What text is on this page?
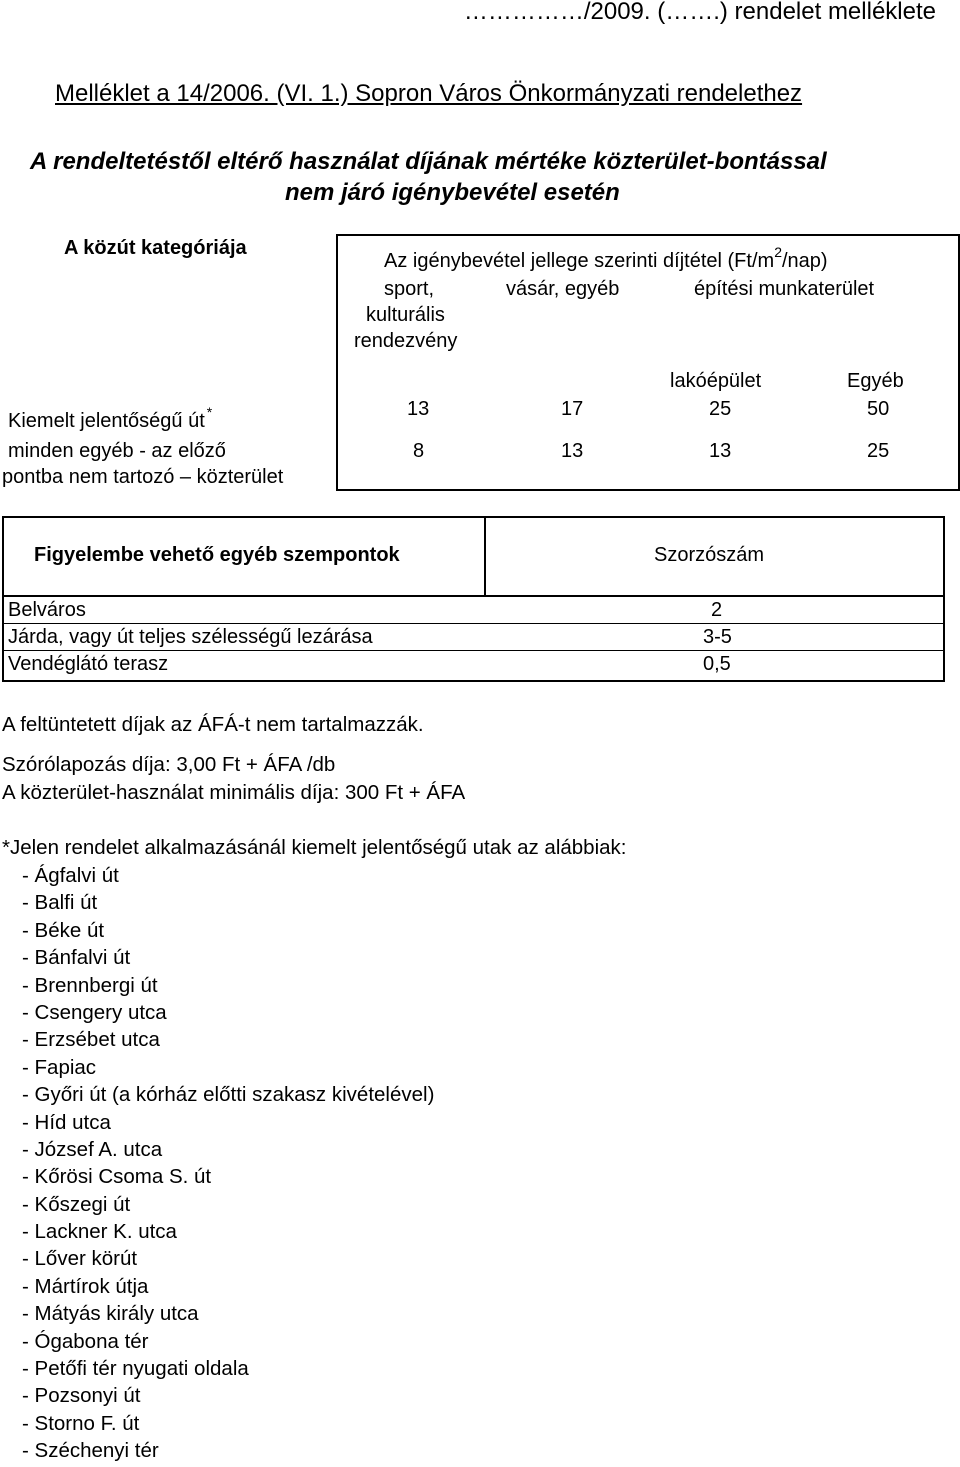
……………/2009. (…….) rendelet melléklete
Melléklet a 14/2006. (VI. 1.) Sopron Város Önkormányzati rendelethez
A rendeltetéstől eltérő használat díjának mértéke közterület-bontással
nem járó igénybevétel esetén
A közút kategóriája
Az igénybevétel jellege szerinti díjtétel $(Ft/m^2/nap)$
sport,
kulturális
rendezvény
vásár, egyéb	építési munkaterület
lakóépület	Egyéb
Kiemelt jelentőségű út *	13	17	25	50
minden egyéb - az előző
pontba nem tartozó – közterület
8	13	13	25
Figyelembe vehető egyéb szempontok	Szorzószám
Belváros	2
Járda, vagy út teljes szélességű lezárása	3-5
Vendéglátó terasz	0,5
A feltüntetett díjak az ÁFÁ-t nem tartalmazzák.
Szórólapozás díja: 3,00 Ft + ÁFA /db
A közterület-használat minimális díja: 300 Ft + ÁFA
*Jelen rendelet alkalmazásánál kiemelt jelentőségű utak az alábbiak:
- Ágfalvi út
- Balfi út
- Béke út
- Bánfalvi út
- Brennbergi út
- Csengery utca
- Erzsébet utca
- Fapiac
- Győri út (a kórház előtti szakasz kivételével)
- Híd utca
- József A. utca
- Kőrösi Csoma S. út
- Kőszegi út
- Lackner K. utca
- Lőver körút
- Mártírok útja
- Mátyás király utca
- Ógabona tér
- Petőfi tér nyugati oldala
- Pozsonyi út
- Storno F. út
- Széchenyi tér
